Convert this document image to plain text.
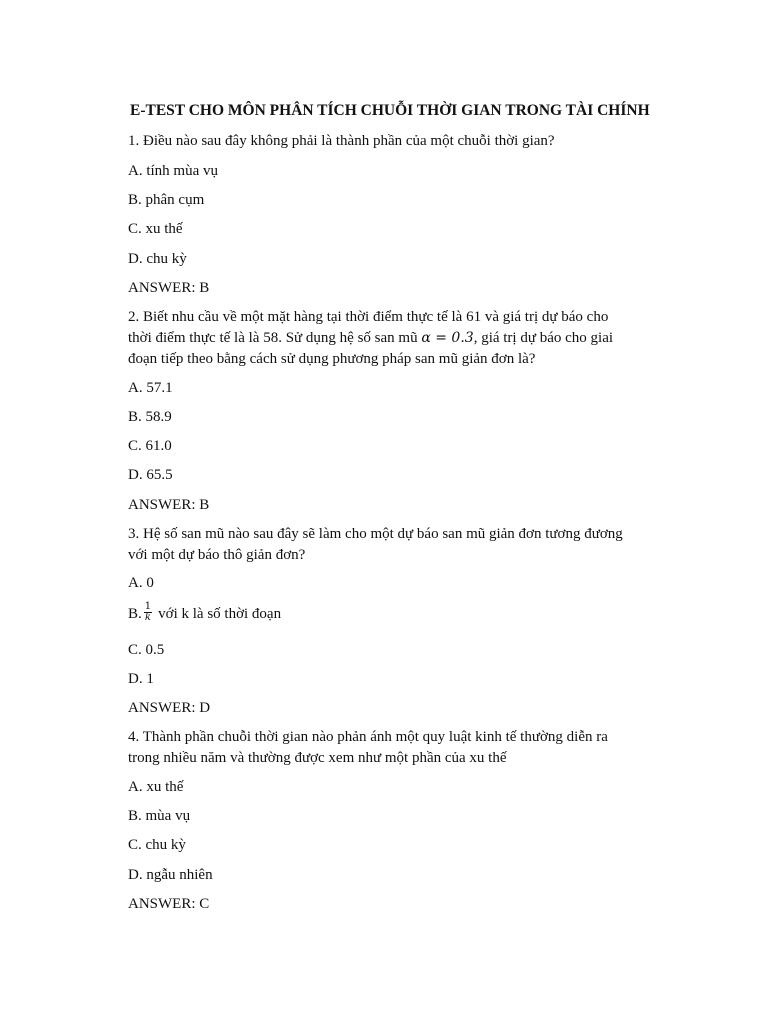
E-TEST CHO MÔN PHÂN TÍCH CHUỖI THỜI GIAN TRONG TÀI CHÍNH
1. Điều nào sau đây không phải là thành phần của một chuỗi thời gian?
A. tính mùa vụ
B. phân cụm
C. xu thế
D. chu kỳ
ANSWER: B
2. Biết nhu cầu về một mặt hàng tại thời điểm thực tế là 61 và giá trị dự báo cho
thời điểm thực tế là là 58. Sử dụng hệ số san mũ α = 0.3, giá trị dự báo cho giai
đoạn tiếp theo bằng cách sử dụng phương pháp san mũ giản đơn là?
A. 57.1
B. 58.9
C. 61.0
D. 65.5
ANSWER: B
3. Hệ số san mũ nào sau đây sẽ làm cho một dự báo san mũ giản đơn tương đương
với một dự báo thô giản đơn?
A. 0
B. $\frac{1}{k}$ với k là số thời đoạn
C. 0.5
D. 1
ANSWER: D
4. Thành phần chuỗi thời gian nào phản ánh một quy luật kinh tế thường diễn ra
trong nhiều năm và thường được xem như một phần của xu thế
A. xu thế
B. mùa vụ
C. chu kỳ
D. ngẫu nhiên
ANSWER: C
